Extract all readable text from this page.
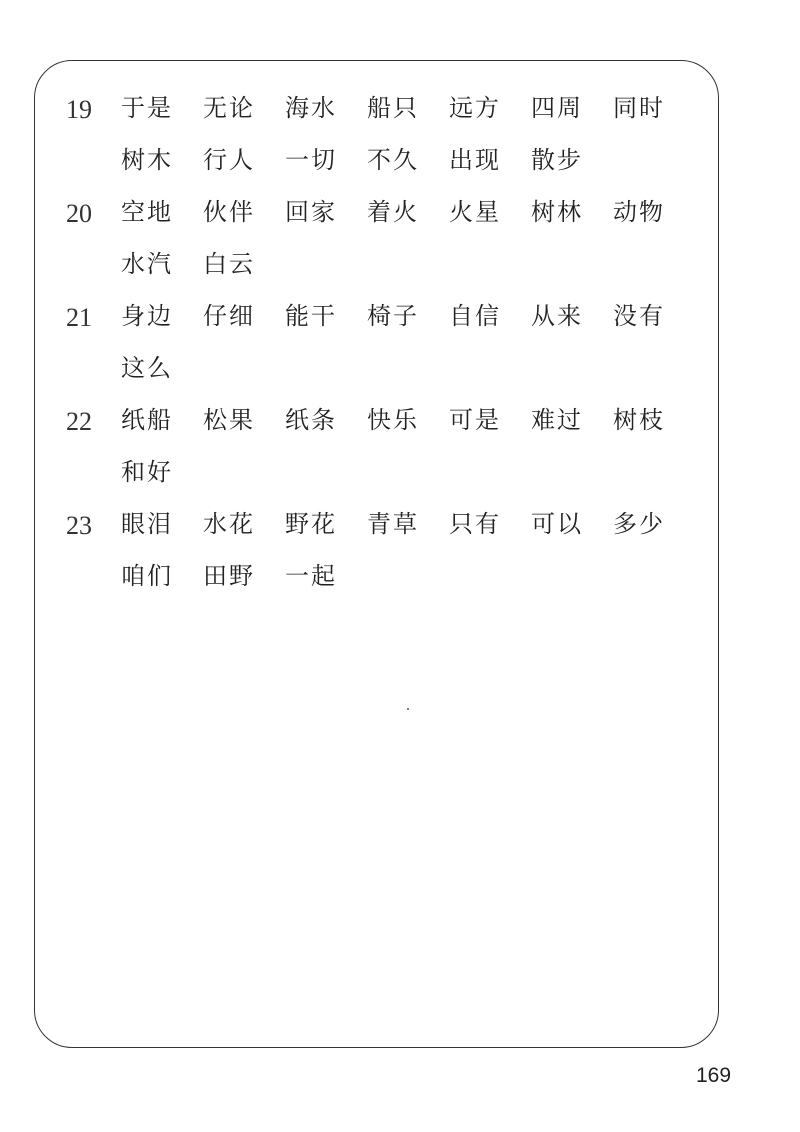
19	于是	无论	海水	船只	远方	四周	同时
树木	行人	一切	不久	出现	散步
20	空地	伙伴	回家	着火	火星	树林	动物
水汽	白云
21	身边	仔细	能干	椅子	自信	从来	没有
这么
22	纸船	松果	纸条	快乐	可是	难过	树枝
和好
23	眼泪	水花	野花	青草	只有	可以	多少
咱们	田野	一起
169
